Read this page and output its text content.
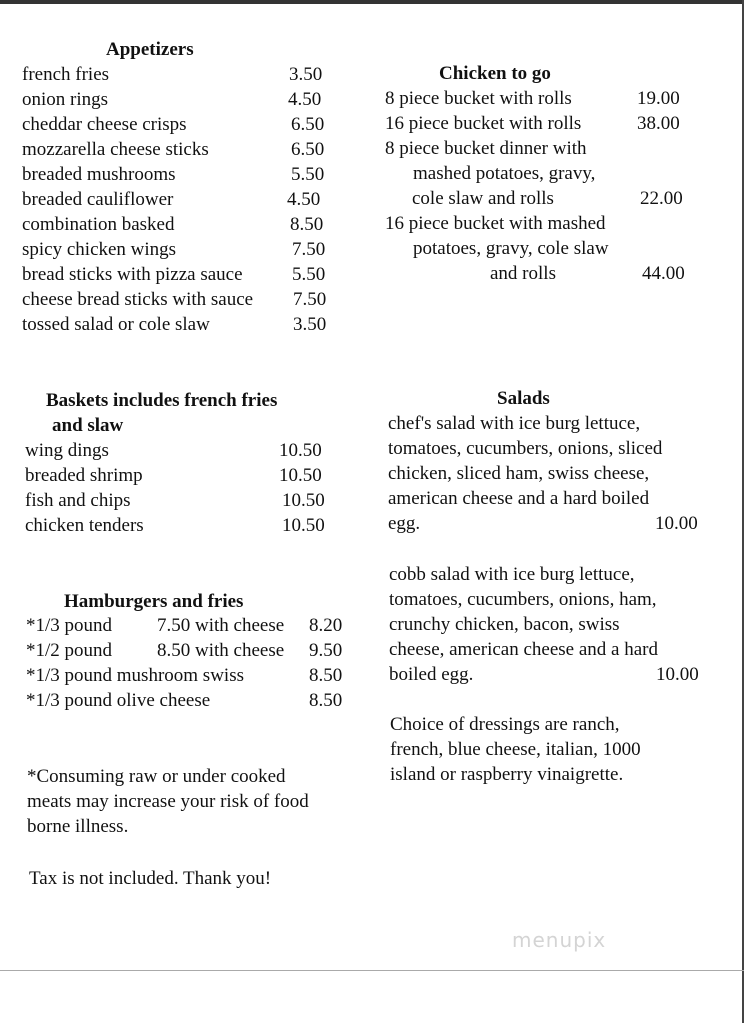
Appetizers
french fries	3.50
onion rings	4.50
cheddar cheese crisps	6.50
mozzarella cheese sticks	6.50
breaded mushrooms	5.50
breaded cauliflower	4.50
combination basked	8.50
spicy chicken wings	7.50
bread sticks with pizza sauce	5.50
cheese bread sticks with sauce 7.50
tossed salad or cole slaw	3.50
Chicken to go
8 piece bucket with rolls	19.00
16 piece bucket with rolls	38.00
8 piece bucket dinner with
mashed potatoes, gravy,
cole slaw and rolls	22.00
16 piece bucket with mashed
potatoes, gravy, cole slaw
and rolls	44.00
Baskets includes french fries
and slaw
wing dings	10.50
breaded shrimp	10.50
fish and chips	10.50
chicken tenders	10.50
Salads
chef's salad with ice burg lettuce,
tomatoes, cucumbers, onions, sliced
chicken, sliced ham, swiss cheese,
american cheese and a hard boiled
egg.	10.00
cobb salad with ice burg lettuce,
tomatoes, cucumbers, onions, ham,
crunchy chicken, bacon, swiss
cheese, american cheese and a hard
boiled egg.	10.00
Choice of dressings are ranch,
french, blue cheese, italian, 1000
island or raspberry vinaigrette.
Hamburgers and fries
*1/3 pound 7.50 with cheese 8.20
*1/2 pound 8.50 with cheese 9.50
*1/3 pound mushroom swiss	8.50
*1/3 pound olive cheese	8.50
*Consuming raw or under cooked
meats may increase your risk of food
borne illness.
Tax is not included. Thank you!
menupix
